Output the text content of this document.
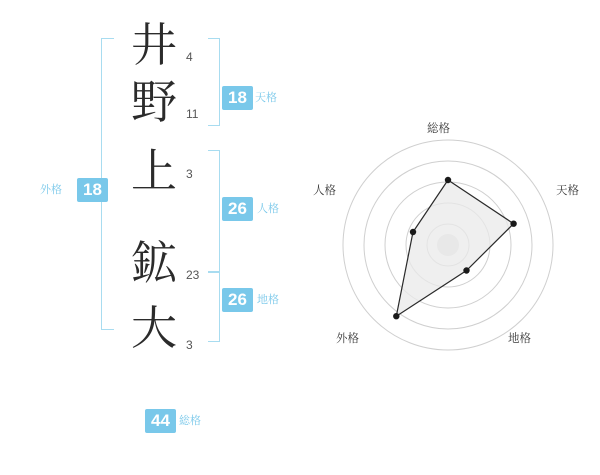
井 4
野 11
上 3
鉱 23
大 3
18
外格
18 天格
26 人格
26 地格
44 総格
総格
天格
地格
外格
人格
